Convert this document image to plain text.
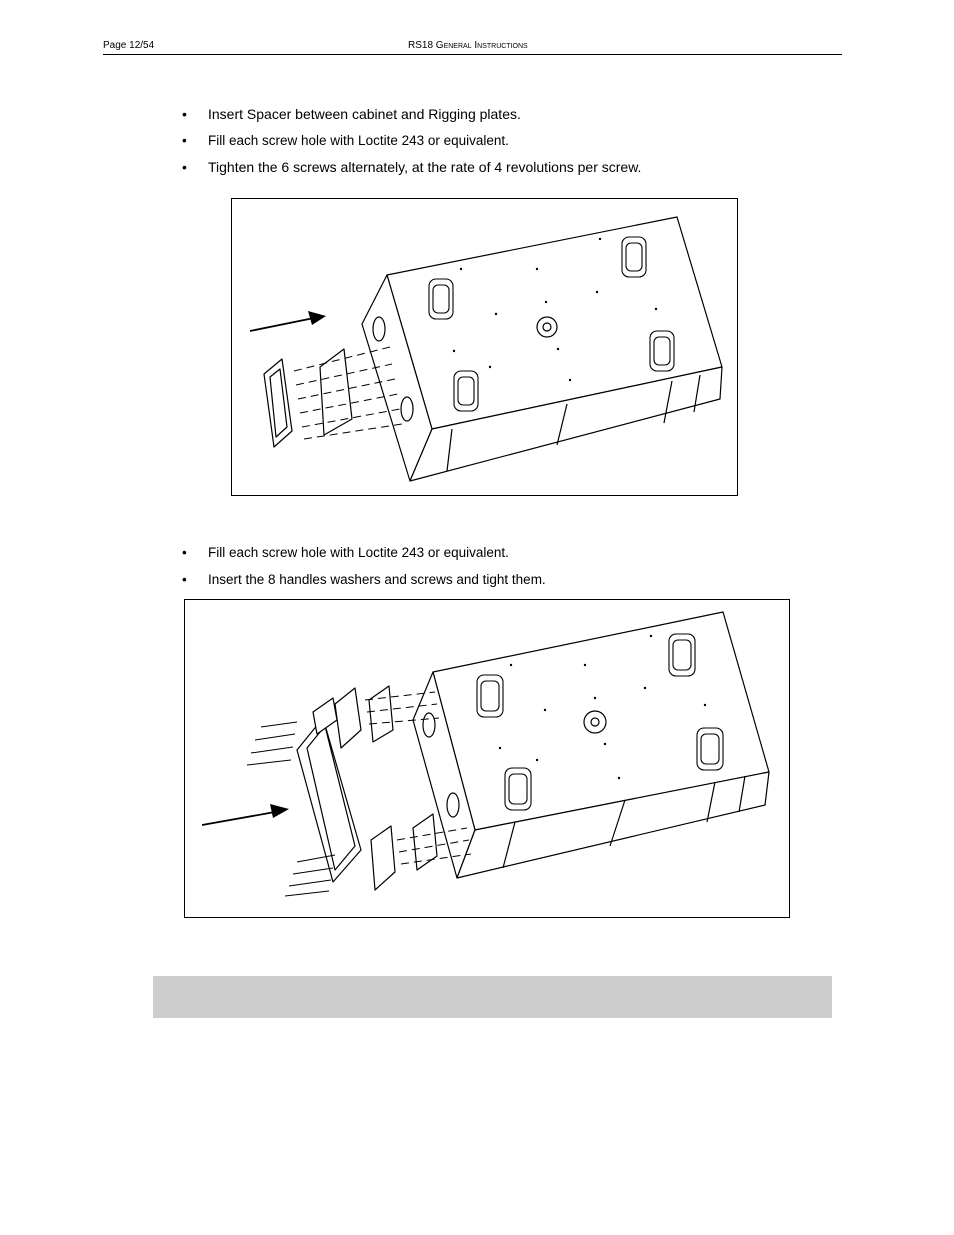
Page 12/54	RS18 General Instructions
• Insert Spacer between cabinet and Rigging plates.
• Fill each screw hole with Loctite 243 or equivalent.
• Tighten the 6 screws alternately, at the rate of 4 revolutions per screw.
• Fill each screw hole with Loctite 243 or equivalent.
• Insert the 8 handles washers and screws and tight them.
